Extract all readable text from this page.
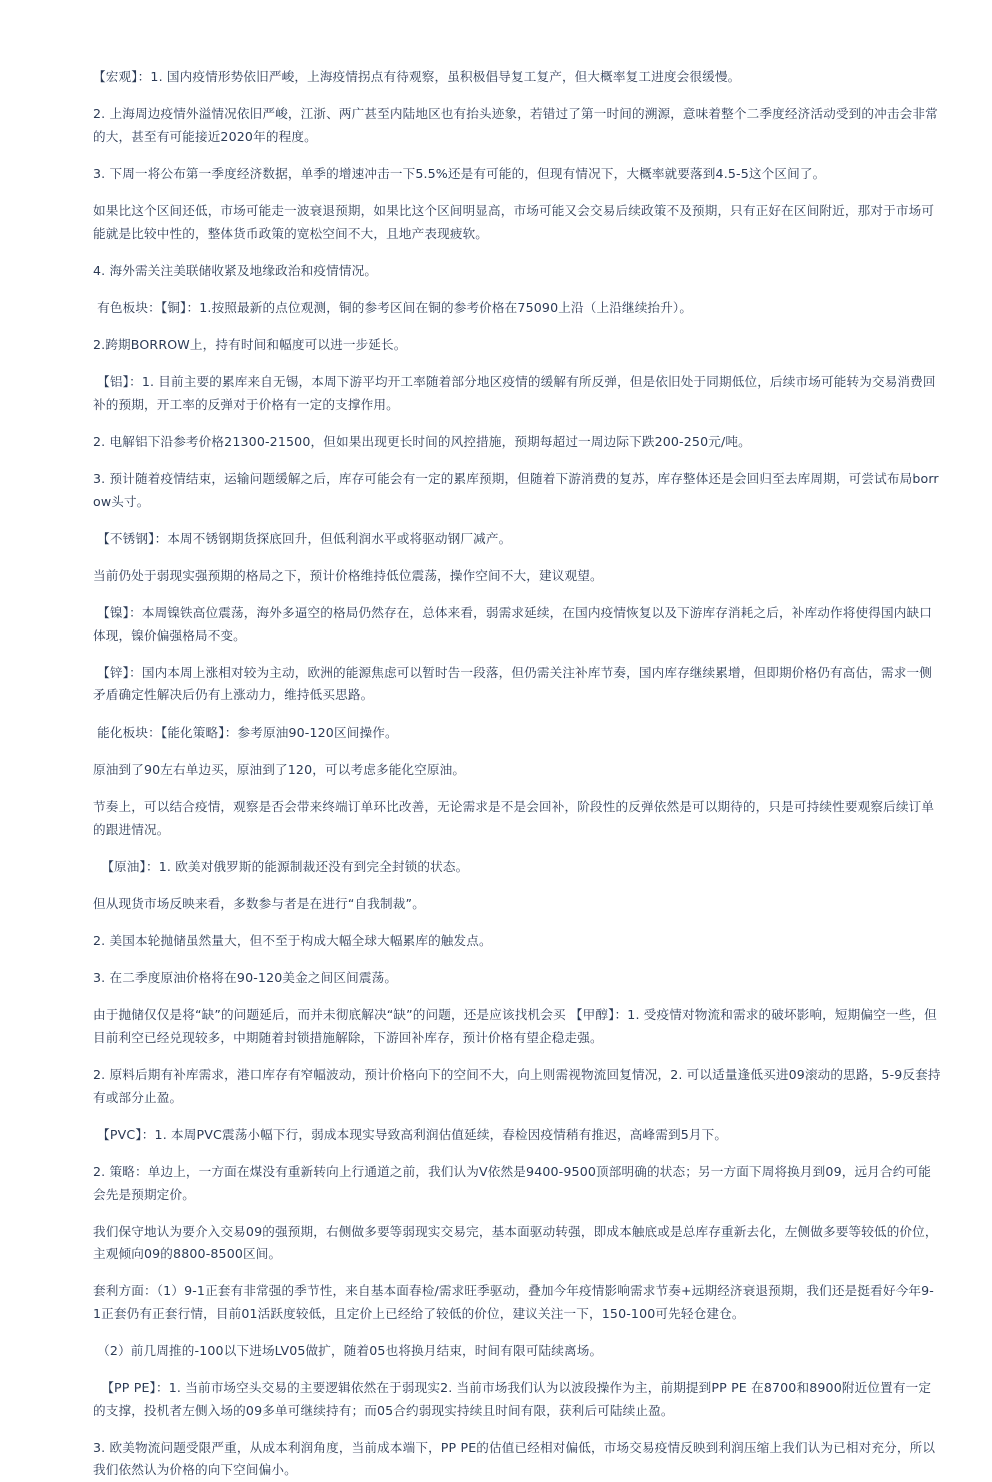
【宏观】：1. 国内疫情形势依旧严峻，上海疫情拐点有待观察，虽积极倡导复工复产，但大概率复工进度会很缓慢。

2. 上海周边疫情外溢情况依旧严峻，江浙、两广甚至内陆地区也有抬头迹象，若错过了第一时间的溯源，意味着整个二季度经济活动受到的冲击会非常的大，甚至有可能接近2020年的程度。

3. 下周一将公布第一季度经济数据，单季的增速冲击一下5.5%还是有可能的，但现有情况下，大概率就要落到4.5-5这个区间了。

如果比这个区间还低，市场可能走一波衰退预期，如果比这个区间明显高，市场可能又会交易后续政策不及预期，只有正好在区间附近，那对于市场可能就是比较中性的，整体货币政策的宽松空间不大，且地产表现疲软。

4. 海外需关注美联储收紧及地缘政治和疫情情况。

有色板块：【铜】：1.按照最新的点位观测，铜的参考区间在铜的参考价格在75090上沿（上沿继续抬升）。

2.跨期BORROW上，持有时间和幅度可以进一步延长。

【铝】：1. 目前主要的累库来自无锡，本周下游平均开工率随着部分地区疫情的缓解有所反弹，但是依旧处于同期低位，后续市场可能转为交易消费回补的预期，开工率的反弹对于价格有一定的支撑作用。

2. 电解铝下沿参考价格21300-21500，但如果出现更长时间的风控措施，预期每超过一周边际下跌200-250元/吨。

3. 预计随着疫情结束，运输问题缓解之后，库存可能会有一定的累库预期，但随着下游消费的复苏，库存整体还是会回归至去库周期，可尝试布局borrow头寸。

【不锈钢】：本周不锈钢期货探底回升，但低利润水平或将驱动钢厂减产。

当前仍处于弱现实强预期的格局之下，预计价格维持低位震荡，操作空间不大，建议观望。

【镍】：本周镍铁高位震荡，海外多逼空的格局仍然存在，总体来看，弱需求延续，在国内疫情恢复以及下游库存消耗之后，补库动作将使得国内缺口体现，镍价偏强格局不变。

【锌】：国内本周上涨相对较为主动，欧洲的能源焦虑可以暂时告一段落，但仍需关注补库节奏，国内库存继续累增，但即期价格仍有高估，需求一侧矛盾确定性解决后仍有上涨动力，维持低买思路。

能化板块：【能化策略】：参考原油90-120区间操作。

原油到了90左右单边买，原油到了120，可以考虑多能化空原油。

节奏上，可以结合疫情，观察是否会带来终端订单环比改善，无论需求是不是会回补，阶段性的反弹依然是可以期待的，只是可持续性要观察后续订单的跟进情况。

【原油】：1. 欧美对俄罗斯的能源制裁还没有到完全封锁的状态。

但从现货市场反映来看，多数参与者是在进行“自我制裁”。

2. 美国本轮抛储虽然量大，但不至于构成大幅全球大幅累库的触发点。

3. 在二季度原油价格将在90-120美金之间区间震荡。

由于抛储仅仅是将“缺”的问题延后，而并未彻底解决“缺”的问题，还是应该找机会买 【甲醇】：1. 受疫情对物流和需求的破坏影响，短期偏空一些，但目前利空已经兑现较多，中期随着封锁措施解除，下游回补库存，预计价格有望企稳走强。

2. 原料后期有补库需求，港口库存有窄幅波动，预计价格向下的空间不大，向上则需视物流回复情况，2. 可以适量逢低买进09滚动的思路，5-9反套持有或部分止盈。

【PVC】：1. 本周PVC震荡小幅下行，弱成本现实导致高利润估值延续，春检因疫情稍有推迟，高峰需到5月下。

2. 策略：单边上，一方面在煤没有重新转向上行通道之前，我们认为V依然是9400-9500顶部明确的状态；另一方面下周将换月到09，远月合约可能会先是预期定价。

我们保守地认为要介入交易09的强预期，右侧做多要等弱现实交易完，基本面驱动转强，即成本触底或是总库存重新去化，左侧做多要等较低的价位，主观倾向09的8800-8500区间。

套利方面：（1）9-1正套有非常强的季节性，来自基本面春检/需求旺季驱动，叠加今年疫情影响需求节奏+远期经济衰退预期，我们还是挺看好今年9-1正套仍有正套行情，目前01活跃度较低，且定价上已经给了较低的价位，建议关注一下，150-100可先轻仓建仓。

（2）前几周推的-100以下进场LV05做扩，随着05也将换月结束，时间有限可陆续离场。

【PP PE】：1. 当前市场空头交易的主要逻辑依然在于弱现实2. 当前市场我们认为以波段操作为主，前期提到PP PE 在8700和8900附近位置有一定的支撑，投机者左侧入场的09多单可继续持有；而05合约弱现实持续且时间有限，获利后可陆续止盈。

3. 欧美物流问题受限严重，从成本利润角度，当前成本端下，PP PE的估值已经相对偏低，市场交易疫情反映到利润压缩上我们认为已相对充分，所以我们依然认为价格的向下空间偏小。
